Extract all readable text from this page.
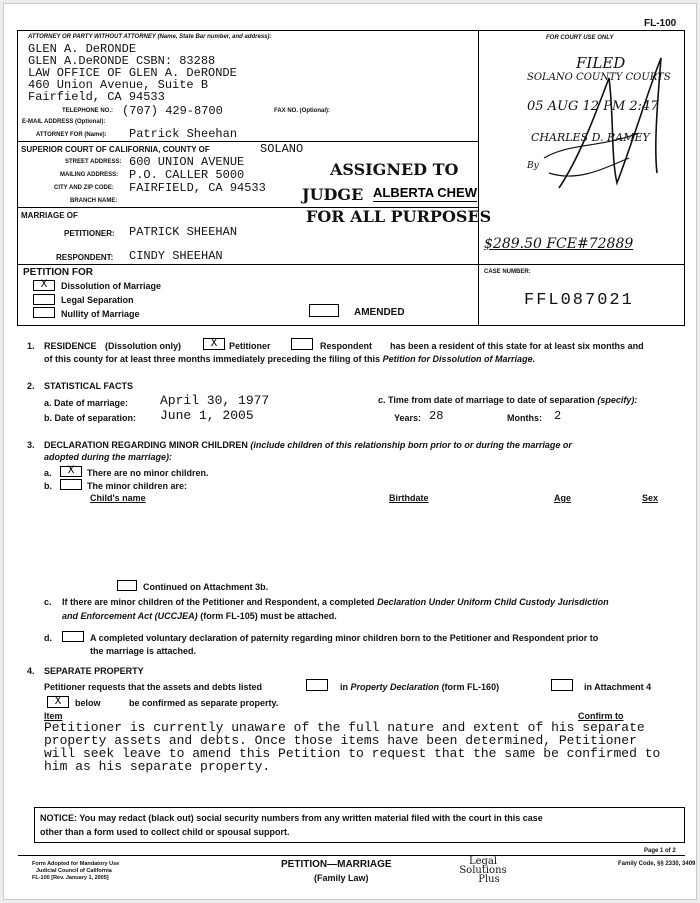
FL-100
ATTORNEY OR PARTY WITHOUT ATTORNEY (Name, State Bar number, and address):
GLEN A. DeRONDE
GLEN A.DeRONDE CSBN: 83288
LAW OFFICE OF GLEN A. DeRONDE
460 Union Avenue, Suite B
Fairfield, CA 94533
TELEPHONE NO.: (707) 429-8700	FAX NO. (Optional):
E-MAIL ADDRESS (Optional):
ATTORNEY FOR (Name): Patrick Sheehan
SUPERIOR COURT OF CALIFORNIA, COUNTY OF	SOLANO
STREET ADDRESS: 600 UNION AVENUE
MAILING ADDRESS: P.O. CALLER 5000
CITY AND ZIP CODE: FAIRFIELD, CA 94533
BRANCH NAME:
ASSIGNED TO
JUDGE ALBERTA CHEW
FOR ALL PURPOSES
$289.50 FCE#72889
MARRIAGE OF
PETITIONER: PATRICK SHEEHAN
RESPONDENT: CINDY SHEEHAN
FOR COURT USE ONLY
FILED
SOLANO COUNTY COURTS
05 AUG 12 PM 2:47
CHARLES D. RAMEY
By
CASE NUMBER:
FFL087021
PETITION FOR
X	Dissolution of Marriage
Legal Separation
Nullity of Marriage	AMENDED
1. RESIDENCE (Dissolution only)	X	Petitioner	Respondent has been a resident of this state for at least six months and
of this county for at least three months immediately preceding the filing of this Petition for Dissolution of Marriage.
2. STATISTICAL FACTS
a. Date of marriage: April 30, 1977
b. Date of separation: June 1, 2005
c. Time from date of marriage to date of separation (specify):
Years: 28	Months: 2
3. DECLARATION REGARDING MINOR CHILDREN (include children of this relationship born prior to or during the marriage or
adopted during the marriage):
a.	X	There are no minor children.
b.	The minor children are:
Child's name	Birthdate	Age	Sex
Continued on Attachment 3b.
c. If there are minor children of the Petitioner and Respondent, a completed Declaration Under Uniform Child Custody Jurisdiction
and Enforcement Act (UCCJEA) (form FL-105) must be attached.
d.	A completed voluntary declaration of paternity regarding minor children born to the Petitioner and Respondent prior to
the marriage is attached.
4. SEPARATE PROPERTY
Petitioner requests that the assets and debts listed	in Property Declaration (form FL-160)	in Attachment 4
X	below	be confirmed as separate property.
Item	Confirm to
Petitioner is currently unaware of the full nature and extent of his separate
property assets and debts. Once those items have been determined, Petitioner
will seek leave to amend this Petition to request that the same be confirmed to
him as his separate property.
NOTICE: You may redact (black out) social security numbers from any written material filed with the court in this case
other than a form used to collect child or spousal support.
Page 1 of 2
Form Adopted for Mandatory Use
Judicial Council of California
FL-100 [Rev. January 1, 2005]
PETITION—MARRIAGE
(Family Law)
Legal
Solutions
Plus
Family Code, §§ 2330, 3409
